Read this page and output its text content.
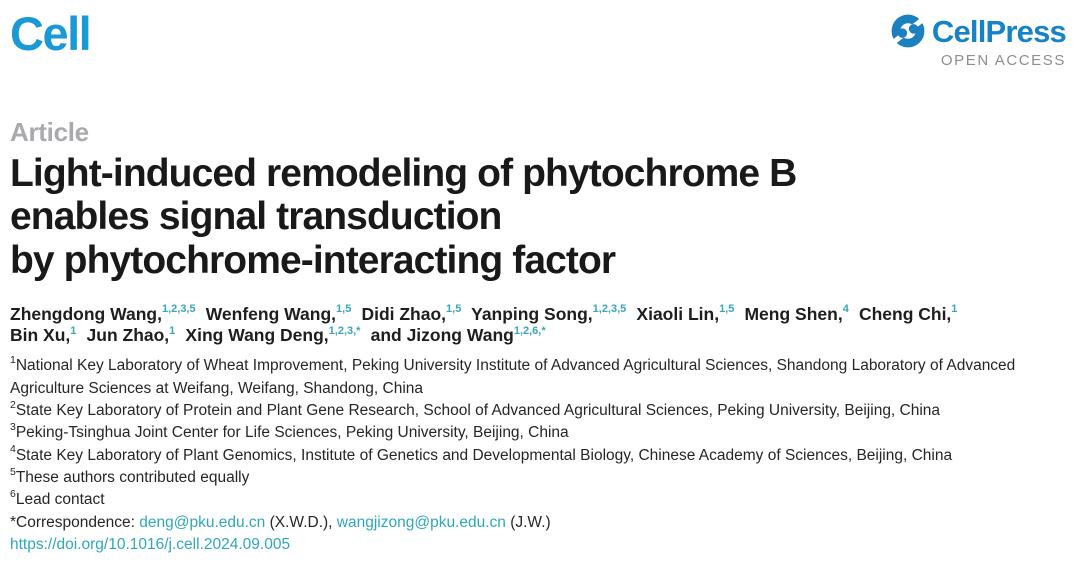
Cell	CellPress
OPEN ACCESS
Article
Light-induced remodeling of phytochrome B
enables signal transduction
by phytochrome-interacting factor
Zhengdong Wang,$^{1,2,3,5}$ Wenfeng Wang,$^{1,5}$ Didi Zhao,$^{1,5}$ Yanping Song,$^{1,2,3,5}$ Xiaoli Lin,$^{1,5}$ Meng Shen,$^4$ Cheng Chi,$^1$
Bin Xu,$^1$ Jun Zhao,$^1$ Xing Wang Deng,$^{1,2,3,*}$ and Jizong Wang$^{1,2,6,*}$
$^1$National Key Laboratory of Wheat Improvement, Peking University Institute of Advanced Agricultural Sciences, Shandong Laboratory of Advanced Agriculture Sciences at Weifang, Weifang, Shandong, China
$^2$State Key Laboratory of Protein and Plant Gene Research, School of Advanced Agricultural Sciences, Peking University, Beijing, China
$^3$Peking-Tsinghua Joint Center for Life Sciences, Peking University, Beijing, China
$^4$State Key Laboratory of Plant Genomics, Institute of Genetics and Developmental Biology, Chinese Academy of Sciences, Beijing, China
$^5$These authors contributed equally
$^6$Lead contact
*Correspondence: deng@pku.edu.cn (X.W.D.), wangjizong@pku.edu.cn (J.W.)
https://doi.org/10.1016/j.cell.2024.09.005
